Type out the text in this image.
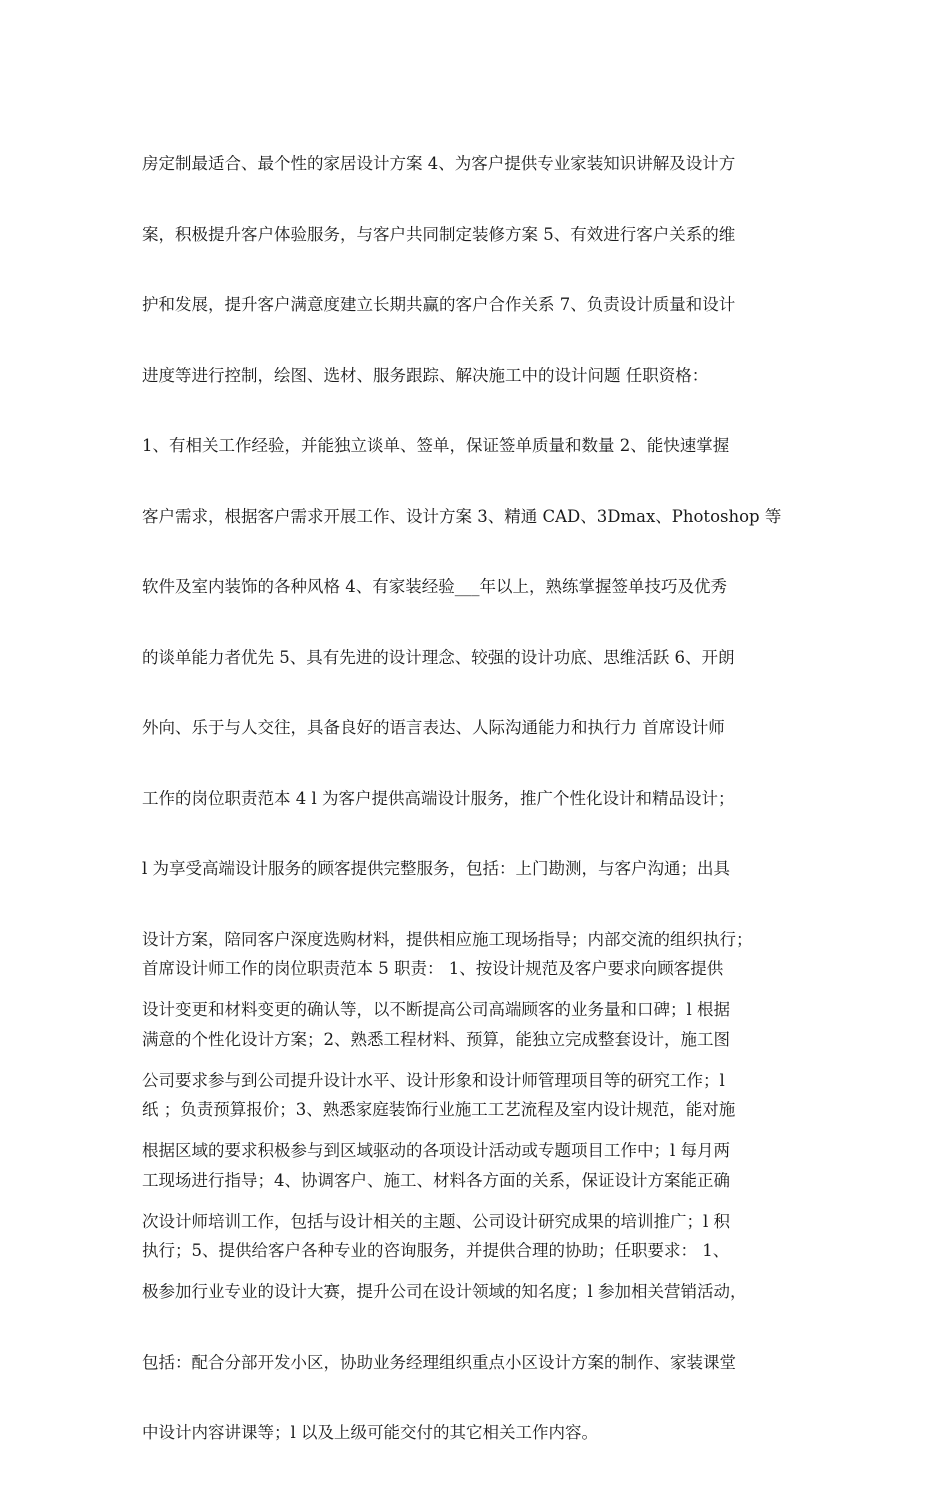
房定制最适合、最个性的家居设计方案 4、为客户提供专业家装知识讲解及设计方

案，积极提升客户体验服务，与客户共同制定装修方案 5、有效进行客户关系的维

护和发展，提升客户满意度建立长期共赢的客户合作关系 7、负责设计质量和设计

进度等进行控制，绘图、选材、服务跟踪、解决施工中的设计问题 任职资格：

1、有相关工作经验，并能独立谈单、签单，保证签单质量和数量 2、能快速掌握

客户需求，根据客户需求开展工作、设计方案 3、精通 CAD、3Dmax、Photoshop 等

软件及室内装饰的各种风格 4、有家装经验___年以上，熟练掌握签单技巧及优秀

的谈单能力者优先 5、具有先进的设计理念、较强的设计功底、思维活跃 6、开朗

外向、乐于与人交往，具备良好的语言表达、人际沟通能力和执行力 首席设计师

工作的岗位职责范本 4 l 为客户提供高端设计服务，推广个性化设计和精品设计；

l 为享受高端设计服务的顾客提供完整服务，包括：上门勘测，与客户沟通；出具

设计方案，陪同客户深度选购材料，提供相应施工现场指导；内部交流的组织执行；

设计变更和材料变更的确认等，以不断提高公司高端顾客的业务量和口碑；l 根据

公司要求参与到公司提升设计水平、设计形象和设计师管理项目等的研究工作；l

根据区域的要求积极参与到区域驱动的各项设计活动或专题项目工作中；l 每月两

次设计师培训工作，包括与设计相关的主题、公司设计研究成果的培训推广；l 积

极参加行业专业的设计大赛，提升公司在设计领域的知名度；l 参加相关营销活动，

包括：配合分部开发小区，协助业务经理组织重点小区设计方案的制作、家装课堂

中设计内容讲课等；l 以及上级可能交付的其它相关工作内容。

首席设计师工作的岗位职责范本 5 职责： 1、按设计规范及客户要求向顾客提供

满意的个性化设计方案；2、熟悉工程材料、预算，能独立完成整套设计，施工图

纸 ；负责预算报价；3、熟悉家庭装饰行业施工工艺流程及室内设计规范，能对施

工现场进行指导；4、协调客户、施工、材料各方面的关系，保证设计方案能正确

执行；5、提供给客户各种专业的咨询服务，并提供合理的协助；任职要求： 1、
